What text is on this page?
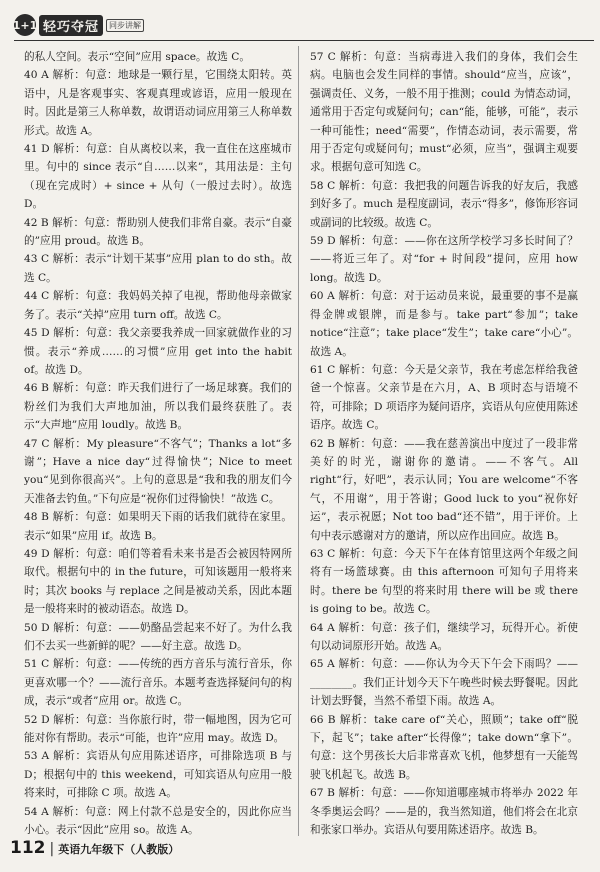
1+1 轻巧夺冠	同步讲解

的私人空间。表示“空间”应用 space。故选 C。

40 A 解析：句意：地球是一颗行星，它围绕太阳转。英语中，凡是客观事实、客观真理或谚语，应用一般现在时。因此是第三人称单数，故谓语动词应用第三人称单数形式。故选 A。

41 D 解析：句意：自从离校以来，我一直住在这座城市里。句中的 since 表示“自……以来”，其用法是：主句（现在完成时）+ since + 从句（一般过去时）。故选 D。

42 B 解析：句意：帮助别人使我们非常自豪。表示“自豪的”应用 proud。故选 B。

43 C 解析：表示“计划干某事”应用 plan to do sth。故选 C。

44 C 解析：句意：我妈妈关掉了电视，帮助他母亲做家务了。表示“关掉”应用 turn off。故选 C。

45 D 解析：句意：我父亲要我养成一回家就做作业的习惯。表示“养成……的习惯”应用 get into the habit of。故选 D。

46 B 解析：句意：昨天我们进行了一场足球赛。我们的粉丝们为我们大声地加油，所以我们最终获胜了。表示“大声地”应用 loudly。故选 B。

47 C 解析：My pleasure“不客气”；Thanks a lot“多谢”；Have a nice day“过得愉快”；Nice to meet you“见到你很高兴”。上句的意思是“我和我的朋友们今天准备去钓鱼。”下句应是“祝你们过得愉快！”故选 C。

48 B 解析：句意：如果明天下雨的话我们就待在家里。表示“如果”应用 if。故选 B。

49 D 解析：句意：咱们等着看未来书是否会被因特网所取代。根据句中的 in the future，可知该题用一般将来时；其次 books 与 replace 之间是被动关系，因此本题是一般将来时的被动语态。故选 D。

50 D 解析：句意：——奶酪品尝起来不好了。为什么我们不去买一些新鲜的呢？——好主意。故选 D。

51 C 解析：句意：——传统的西方音乐与流行音乐，你更喜欢哪一个？——流行音乐。本题考查选择疑问句的构成，表示“或者”应用 or。故选 C。

52 D 解析：句意：当你旅行时，带一幅地图，因为它可能对你有帮助。表示“可能，也许”应用 may。故选 D。

53 A 解析：宾语从句应用陈述语序，可排除选项 B 与 D；根据句中的 this weekend，可知宾语从句应用一般将来时，可排除 C 项。故选 A。

54 A 解析：句意：网上付款不总是安全的，因此你应当小心。表示“因此”应用 so。故选 A。

57 C 解析：句意：当病毒进入我们的身体，我们会生病。电脑也会发生同样的事情。should“应当，应该”，强调责任、义务，一般不用于推测；could 为情态动词，通常用于否定句或疑问句；can“能，能够，可能”，表示一种可能性；need“需要”，作情态动词，表示需要，常用于否定句或疑问句；must“必须，应当”，强调主观要求。根据句意可知选 C。

58 C 解析：句意：我把我的问题告诉我的好友后，我感到好多了。much 是程度副词，表示“得多”，修饰形容词或副词的比较级。故选 C。

59 D 解析：句意：——你在这所学校学习多长时间了？——将近三年了。对“for + 时间段”提问，应用 how long。故选 D。

60 A 解析：句意：对于运动员来说，最重要的事不是赢得金牌或银牌，而是参与。take part“参加”；take notice“注意”；take place“发生”；take care“小心”。故选 A。

61 C 解析：句意：今天是父亲节，我在考虑怎样给我爸爸一个惊喜。父亲节是在六月，A、B 项时态与语境不符，可排除；D 项语序为疑问语序，宾语从句应使用陈述语序。故选 C。

62 B 解析：句意：——我在慈善演出中度过了一段非常美好的时光，谢谢你的邀请。——不客气。All right“行，好吧”，表示认同；You are welcome“不客气，不用谢”，用于答谢；Good luck to you“祝你好运”，表示祝愿；Not too bad“还不错”，用于评价。上句中表示感谢对方的邀请，所以应作出回应。故选 B。

63 C 解析：句意：今天下午在体育馆里这两个年级之间将有一场篮球赛。由 this afternoon 可知句子用将来时。there be 句型的将来时用 there will be 或 there is going to be。故选 C。

64 A 解析：句意：孩子们，继续学习，玩得开心。祈使句以动词原形开始。故选 A。

65 A 解析：句意：——你认为今天下午会下雨吗？——________。我们正计划今天下午晚些时候去野餐呢。因此计划去野餐，当然不希望下雨。故选 A。

66 B 解析：take care of“关心，照顾”；take off“脱下，起飞”；take after“长得像”；take down“拿下”。句意：这个男孩长大后非常喜欢飞机，他梦想有一天能驾驶飞机起飞。故选 B。

67 B 解析：句意：——你知道哪座城市将举办 2022 年冬季奥运会吗？——是的，我当然知道，他们将会在北京和张家口举办。宾语从句要用陈述语序。故选 B。

112 | 英语九年级下（人教版）
